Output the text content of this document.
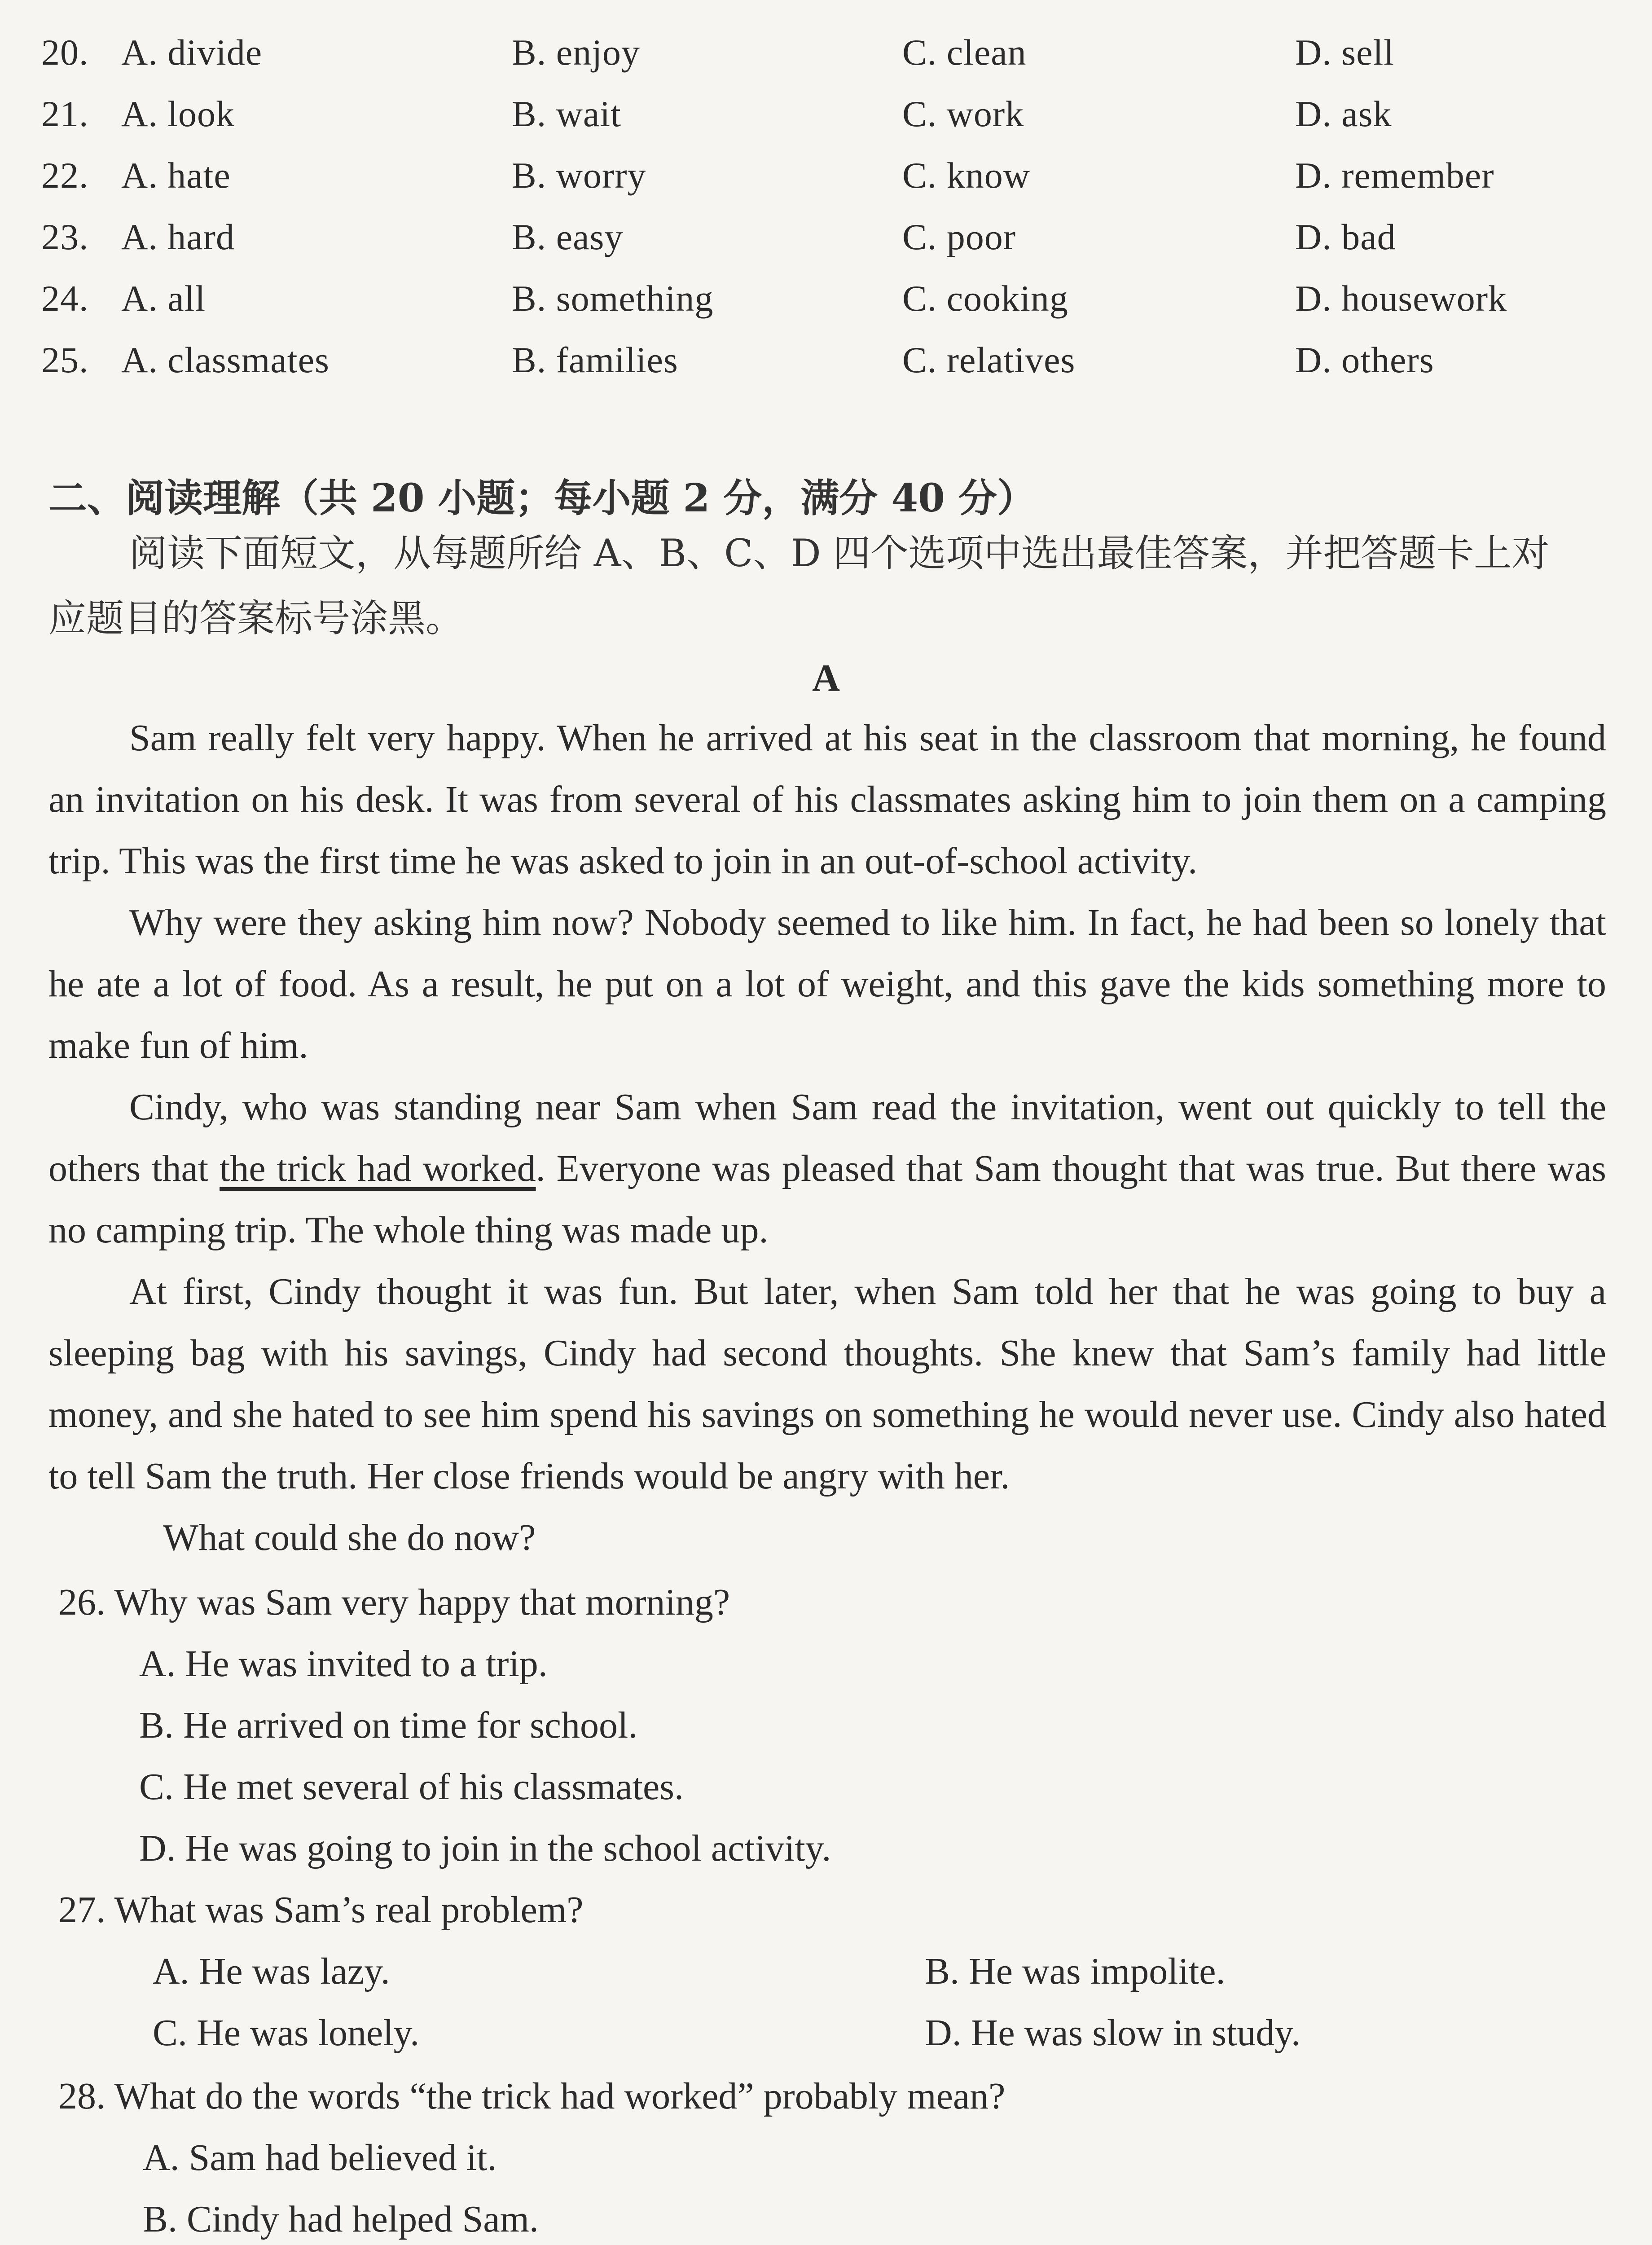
20. A. divide	B. enjoy	C. clean	D. sell
21. A. look	B. wait	C. work	D. ask
22. A. hate	B. worry	C. know	D. remember
23. A. hard	B. easy	C. poor	D. bad
24. A. all	B. something	C. cooking	D. housework
25. A. classmates	B. families	C. relatives	D. others
二、阅读理解（共 20 小题；每小题 2 分，满分 40 分）
阅读下面短文，从每题所给 A、B、C、D 四个选项中选出最佳答案，并把答题卡上对
应题目的答案标号涂黑。
A

Sam really felt very happy. When he arrived at his seat in the classroom that morning, he found an invitation on his desk. It was from several of his classmates asking him to join them on a camping trip. This was the first time he was asked to join in an out-of-school activity.

Why were they asking him now? Nobody seemed to like him. In fact, he had been so lonely that he ate a lot of food. As a result, he put on a lot of weight, and this gave the kids something more to make fun of him.

Cindy, who was standing near Sam when Sam read the invitation, went out quickly to tell the others that the trick had worked. Everyone was pleased that Sam thought that was true. But there was no camping trip. The whole thing was made up.

At first, Cindy thought it was fun. But later, when Sam told her that he was going to buy a sleeping bag with his savings, Cindy had second thoughts. She knew that Sam’s family had little money, and she hated to see him spend his savings on something he would never use. Cindy also hated to tell Sam the truth. Her close friends would be angry with her.

What could she do now?

26. Why was Sam very happy that morning?
A. He was invited to a trip.
B. He arrived on time for school.
C. He met several of his classmates.
D. He was going to join in the school activity.
27. What was Sam’s real problem?
A. He was lazy.	B. He was impolite.
C. He was lonely.	D. He was slow in study.
28. What do the words “the trick had worked” probably mean?
A. Sam had believed it.
B. Cindy had helped Sam.
